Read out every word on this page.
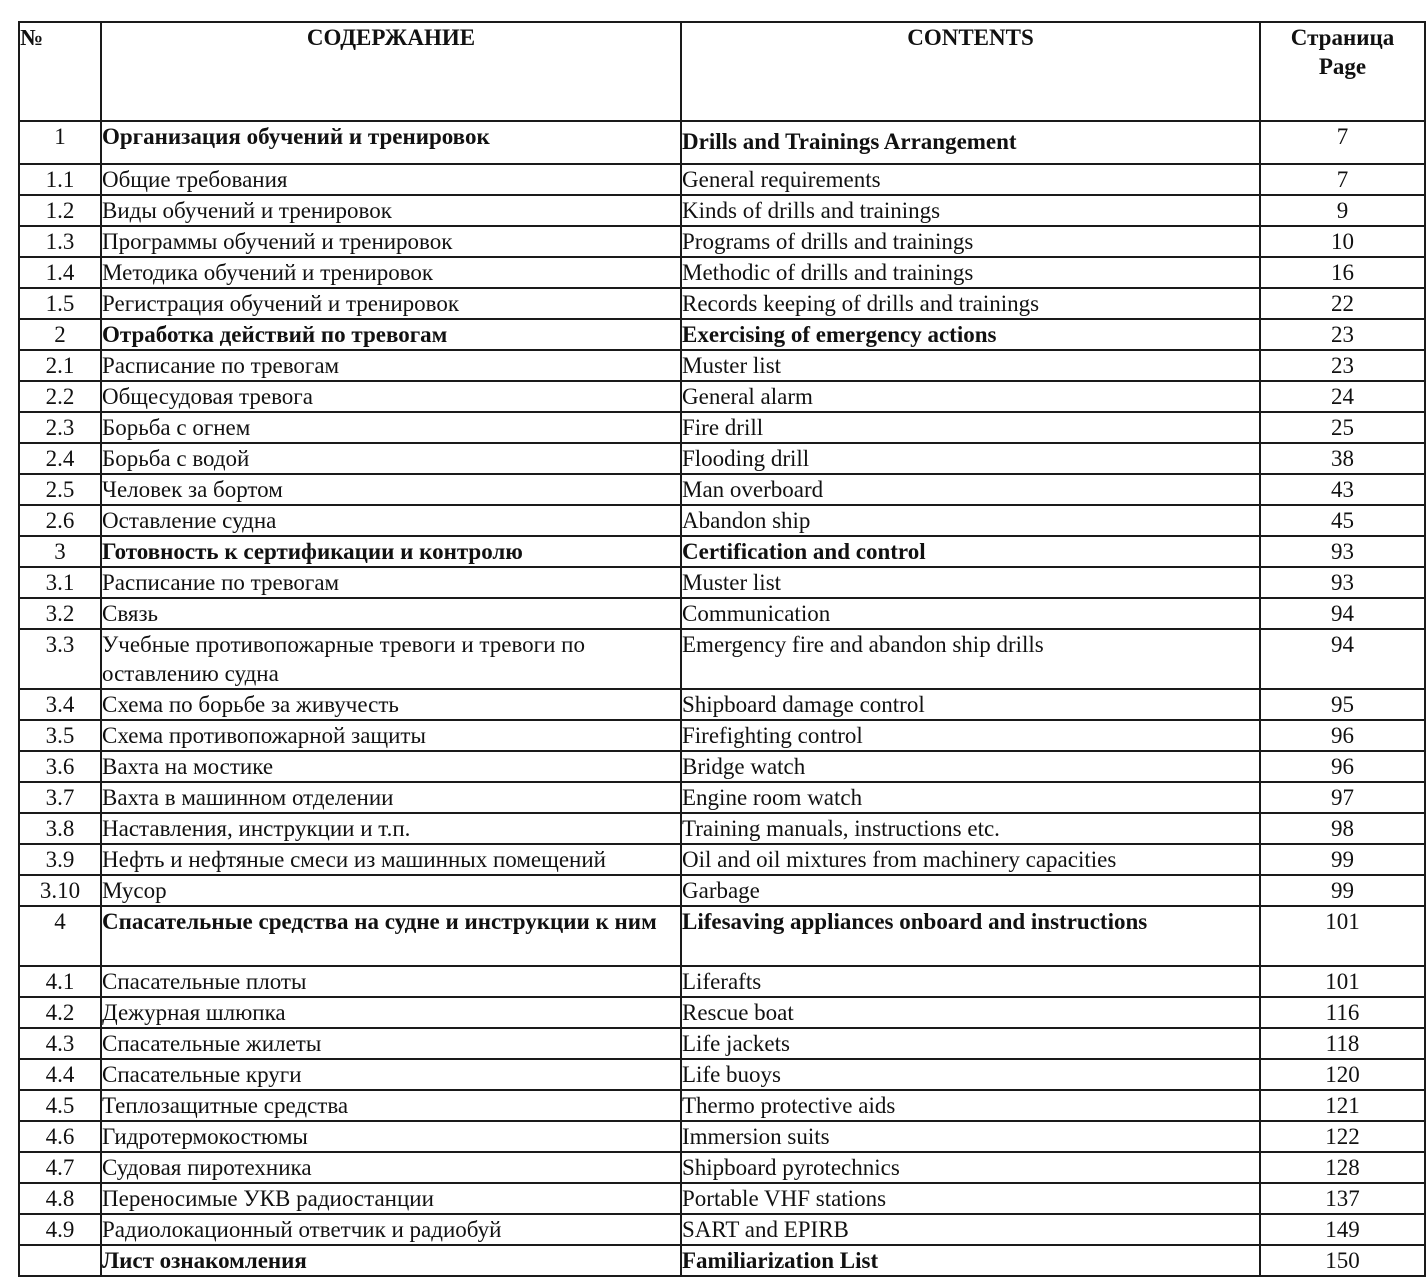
№	СОДЕРЖАНИЕ	CONTENTS	Страница
Page

1	Организация обучений и тренировок	Drills and Trainings Arrangement	7
1.1	Общие требования	General requirements	7
1.2	Виды обучений и тренировок	Kinds of drills and trainings	9
1.3	Программы обучений и тренировок	Programs of drills and trainings	10
1.4	Методика обучений и тренировок	Methodic of drills and trainings	16
1.5	Регистрация обучений и тренировок	Records keeping of drills and trainings	22
2	Отработка действий по тревогам	Exercising of emergency actions	23
2.1	Расписание по тревогам	Muster list	23
2.2	Общесудовая тревога	General alarm	24
2.3	Борьба с огнем	Fire drill	25
2.4	Борьба с водой	Flooding drill	38
2.5	Человек за бортом	Man overboard	43
2.6	Оставление судна	Abandon ship	45
3	Готовность к сертификации и контролю	Certification and control	93
3.1	Расписание по тревогам	Muster list	93
3.2	Связь	Communication	94
3.3	Учебные противопожарные тревоги и тревоги по оставлению судна	Emergency fire and abandon ship drills	94
3.4	Схема по борьбе за живучесть	Shipboard damage control	95
3.5	Схема противопожарной защиты	Firefighting control	96
3.6	Вахта на мостике	Bridge watch	96
3.7	Вахта в машинном отделении	Engine room watch	97
3.8	Наставления, инструкции и т.п.	Training manuals, instructions etc.	98
3.9	Нефть и нефтяные смеси из машинных помещений	Oil and oil mixtures from machinery capacities	99
3.10	Мусор	Garbage	99
4	Спасательные средства на судне и инструкции к ним	Lifesaving appliances onboard and instructions	101
4.1	Спасательные плоты	Liferafts	101
4.2	Дежурная шлюпка	Rescue boat	116
4.3	Спасательные жилеты	Life jackets	118
4.4	Спасательные круги	Life buoys	120
4.5	Теплозащитные средства	Thermo protective aids	121
4.6	Гидротермокостюмы	Immersion suits	122
4.7	Судовая пиротехника	Shipboard pyrotechnics	128
4.8	Переносимые УКВ радиостанции	Portable VHF stations	137
4.9	Радиолокационный ответчик и радиобуй	SART and EPIRB	149
	Лист ознакомления	Familiarization List	150
